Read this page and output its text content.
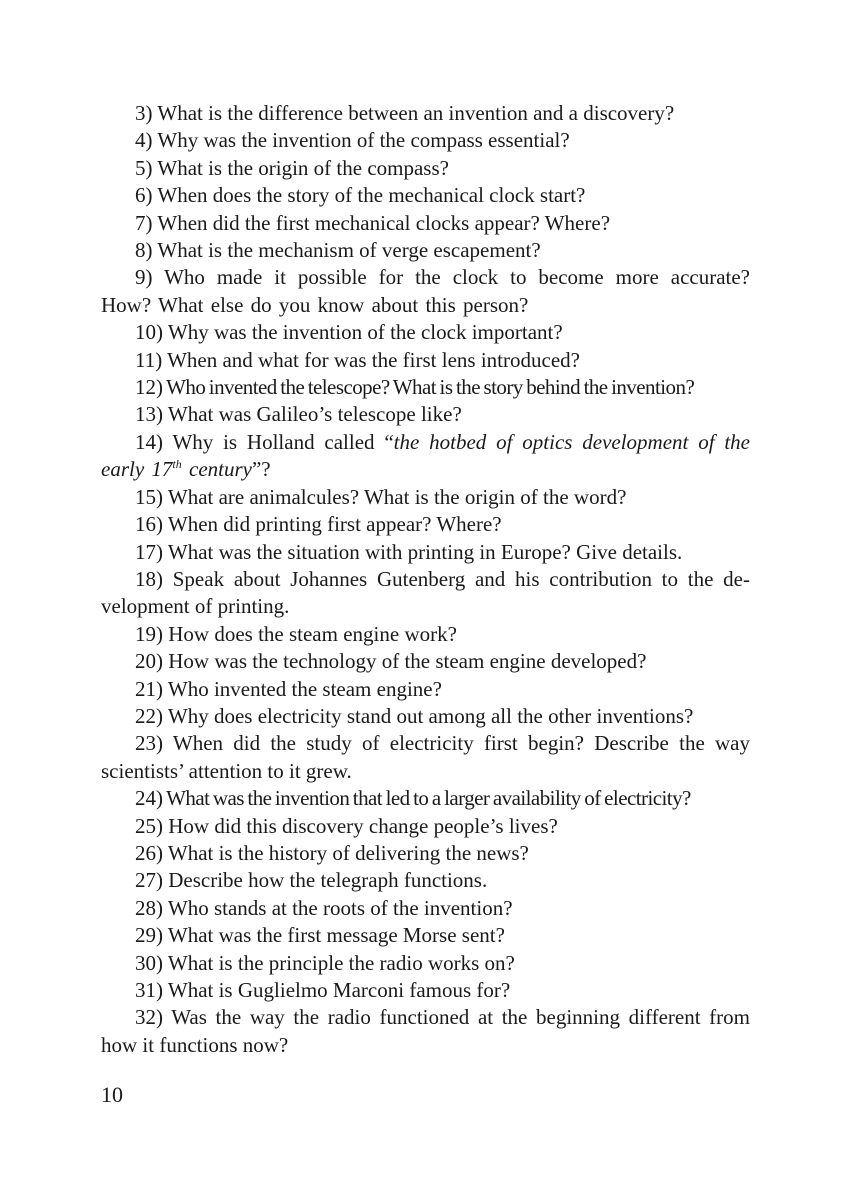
3) What is the difference between an invention and a discovery?

4) Why was the invention of the compass essential?

5) What is the origin of the compass?

6) When does the story of the mechanical clock start?

7) When did the first mechanical clocks appear? Where?

8) What is the mechanism of verge escapement?

9) Who made it possible for the clock to become more accurate? How? What else do you know about this person?

10) Why was the invention of the clock important?

11) When and what for was the first lens introduced?

12) Who invented the telescope? What is the story behind the invention?

13) What was Galileo’s telescope like?

14) Why is Holland called “the hotbed of optics development of the early 17th century”?

15) What are animalcules? What is the origin of the word?

16) When did printing first appear? Where?

17) What was the situation with printing in Europe? Give details.

18) Speak about Johannes Gutenberg and his contribution to the de-velopment of printing.

19) How does the steam engine work?

20) How was the technology of the steam engine developed?

21) Who invented the steam engine?

22) Why does electricity stand out among all the other inventions?

23) When did the study of electricity first begin? Describe the way scientists’ attention to it grew.

24) What was the invention that led to a larger availability of electricity?

25) How did this discovery change people’s lives?

26) What is the history of delivering the news?

27) Describe how the telegraph functions.

28) Who stands at the roots of the invention?

29) What was the first message Morse sent?

30) What is the principle the radio works on?

31) What is Guglielmo Marconi famous for?

32) Was the way the radio functioned at the beginning different from how it functions now?

10
